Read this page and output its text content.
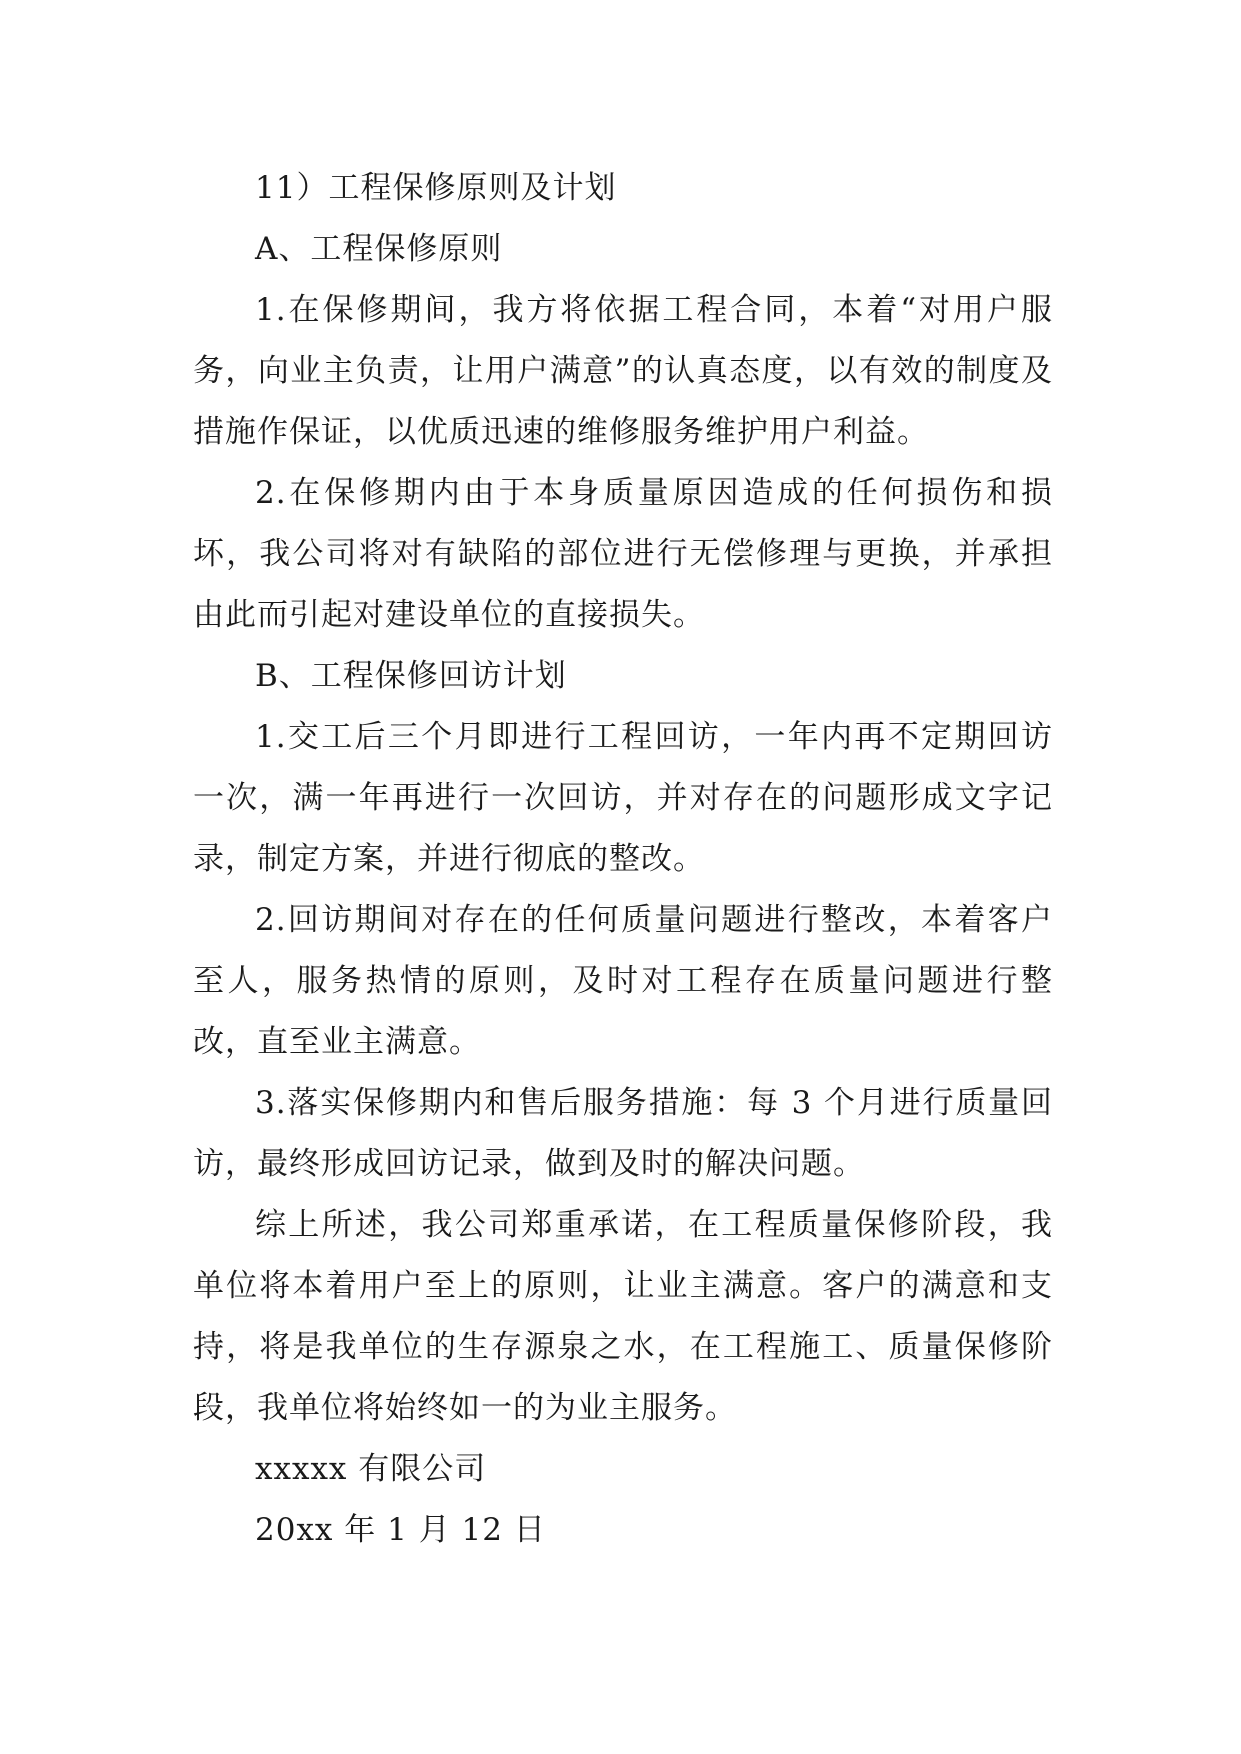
11）工程保修原则及计划

A、工程保修原则

1.在保修期间，我方将依据工程合同，本着“对用户服务，向业主负责，让用户满意”的认真态度，以有效的制度及措施作保证，以优质迅速的维修服务维护用户利益。

2.在保修期内由于本身质量原因造成的任何损伤和损坏，我公司将对有缺陷的部位进行无偿修理与更换，并承担由此而引起对建设单位的直接损失。

B、工程保修回访计划

1.交工后三个月即进行工程回访，一年内再不定期回访一次，满一年再进行一次回访，并对存在的问题形成文字记录，制定方案，并进行彻底的整改。

2.回访期间对存在的任何质量问题进行整改，本着客户至人，服务热情的原则，及时对工程存在质量问题进行整改，直至业主满意。

3.落实保修期内和售后服务措施：每 3 个月进行质量回访，最终形成回访记录，做到及时的解决问题。

综上所述，我公司郑重承诺，在工程质量保修阶段，我单位将本着用户至上的原则，让业主满意。客户的满意和支持，将是我单位的生存源泉之水，在工程施工、质量保修阶段，我单位将始终如一的为业主服务。

xxxxx 有限公司

20xx 年 1 月 12 日
